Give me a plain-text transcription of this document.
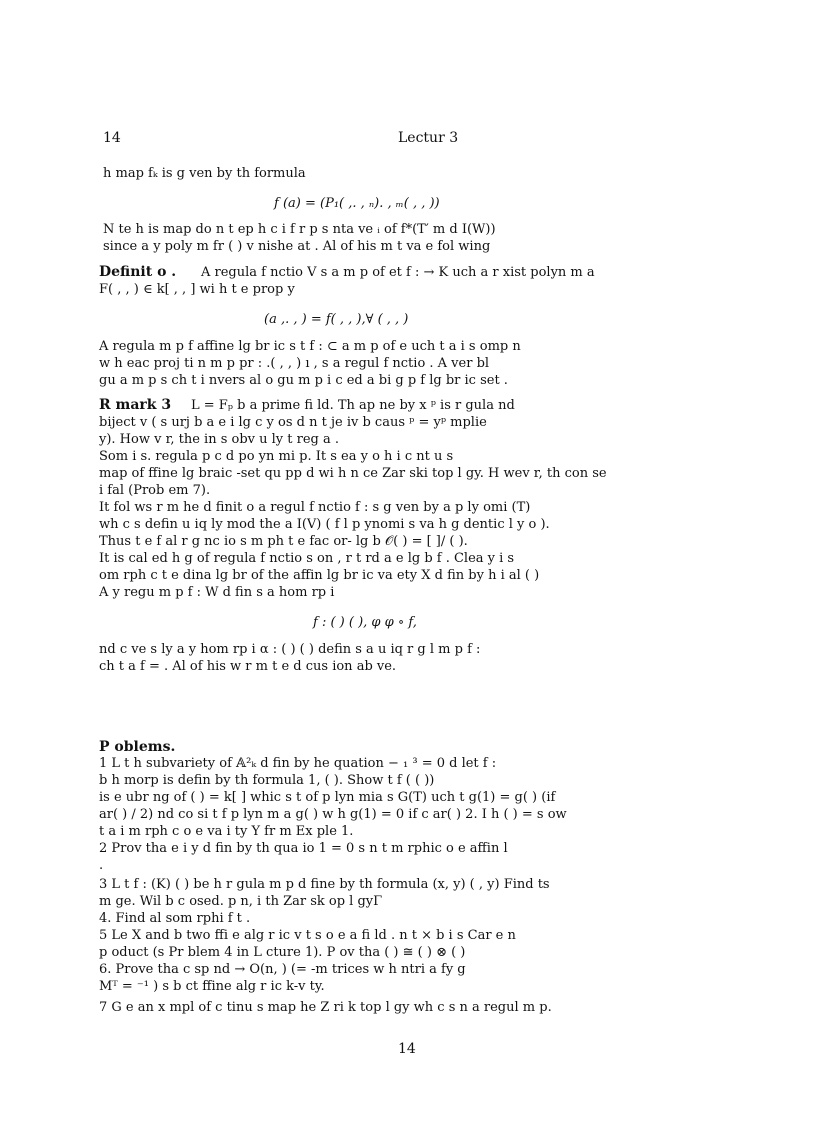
14	Lectur 3
h map fₖ is g ven by th formula
f (a) = (P₁( ,. , ₙ). , ₘ( , , ))
N te h is map do n t ep h c i f r p s nta ve ᵢ of f*(T′ m d I(W))
since a y poly m fr ( ) v nishe at . Al of his m t va e fol wing
Definit o . A regula f nctio V s a m p of et f : → K uch a r xist polyn m a
F( , , ) ∈ k[ , , ] wi h t e prop y
(a ,. , ) = f( , , ),∀ ( , , )
A regula m p f affine lg br ic s t f : ⊂ a m p of e uch t a i s omp n
w h eac proj ti n m p pr : .( , , ) ı , s a regul f nctio . A ver bl
gu a m p s ch t i nvers al o gu m p i c ed a bi g p f lg br ic set .
R mark 3 L = Fₚ b a prime fi ld. Th ap ne by x ᵖ is r gula nd
biject v ( s urj b a e i lg c y os d n t je iv b caus ᵖ = yᵖ mplie
y). How v r, the in s obv u ly t reg a .
Som i s. regula p c d po yn mi p. It s ea y o h i c nt u s
map of ffine lg braic -set qu pp d wi h n ce Zar ski top l gy. H wev r, th con se
i fal (Prob em 7).
It fol ws r m he d finit o a regul f nctio f : s g ven by a p ly omi (T)
wh c s defin u iq ly mod the a I(V) ( f l p ynomi s va h g dentic l y o ).
Thus t e f al r g nc io s m ph t e fac or- lg b 𝒪( ) = [ ]/ ( ).
It is cal ed h g of regula f nctio s on , r t rd a e lg b f . Clea y i s
om rph c t e dina lg br of the affin lg br ic va ety X d fin by h i al ( )
A y regu m p f : W d fin s a hom rp i
f : ( ) ( ), φ φ ∘ f,
nd c ve s ly a y hom rp i α : ( ) ( ) defin s a u iq r g l m p f :
ch t a f = . Al of his w r m t e d cus ion ab ve.
P oblems.
1 L t h subvariety of 𝔸²ₖ d fin by he quation − ₁ ³ = 0 d let f :
b h morp is defin by th formula 1, ( ). Show t f ( ( ))
is e ubr ng of ( ) = k[ ] whic s t of p lyn mia s G(T) uch t g(1) = g( ) (if
ar( ) / 2) nd co si t f p lyn m a g( ) w h g(1) = 0 if c ar( ) 2. I h ( ) = s ow
t a i m rph c o e va i ty Y fr m Ex ple 1.
2 Prov tha e i y d fin by th qua io 1 = 0 s n t m rphic o e affin l
.
3 L t f : (K) ( ) be h r gula m p d fine by th formula (x, y) ( , y) Find ts
m ge. Wil b c osed. p n, i th Zar sk op l gyΓ
4. Find al som rphi f t .
5 Le X and b two ffi e alg r ic v t s o e a fi ld . n t × b i s Car e n
p oduct (s Pr blem 4 in L cture 1). P ov tha ( ) ≅ ( ) ⊗ ( )
6. Prove tha c sp nd → O(n, ) (= -m trices w h ntri a fy g
Mᵀ = ⁻¹ ) s b ct ffine alg r ic k-v ty.
7 G e an x mpl of c tinu s map he Z ri k top l gy wh c s n a regul m p.
14
